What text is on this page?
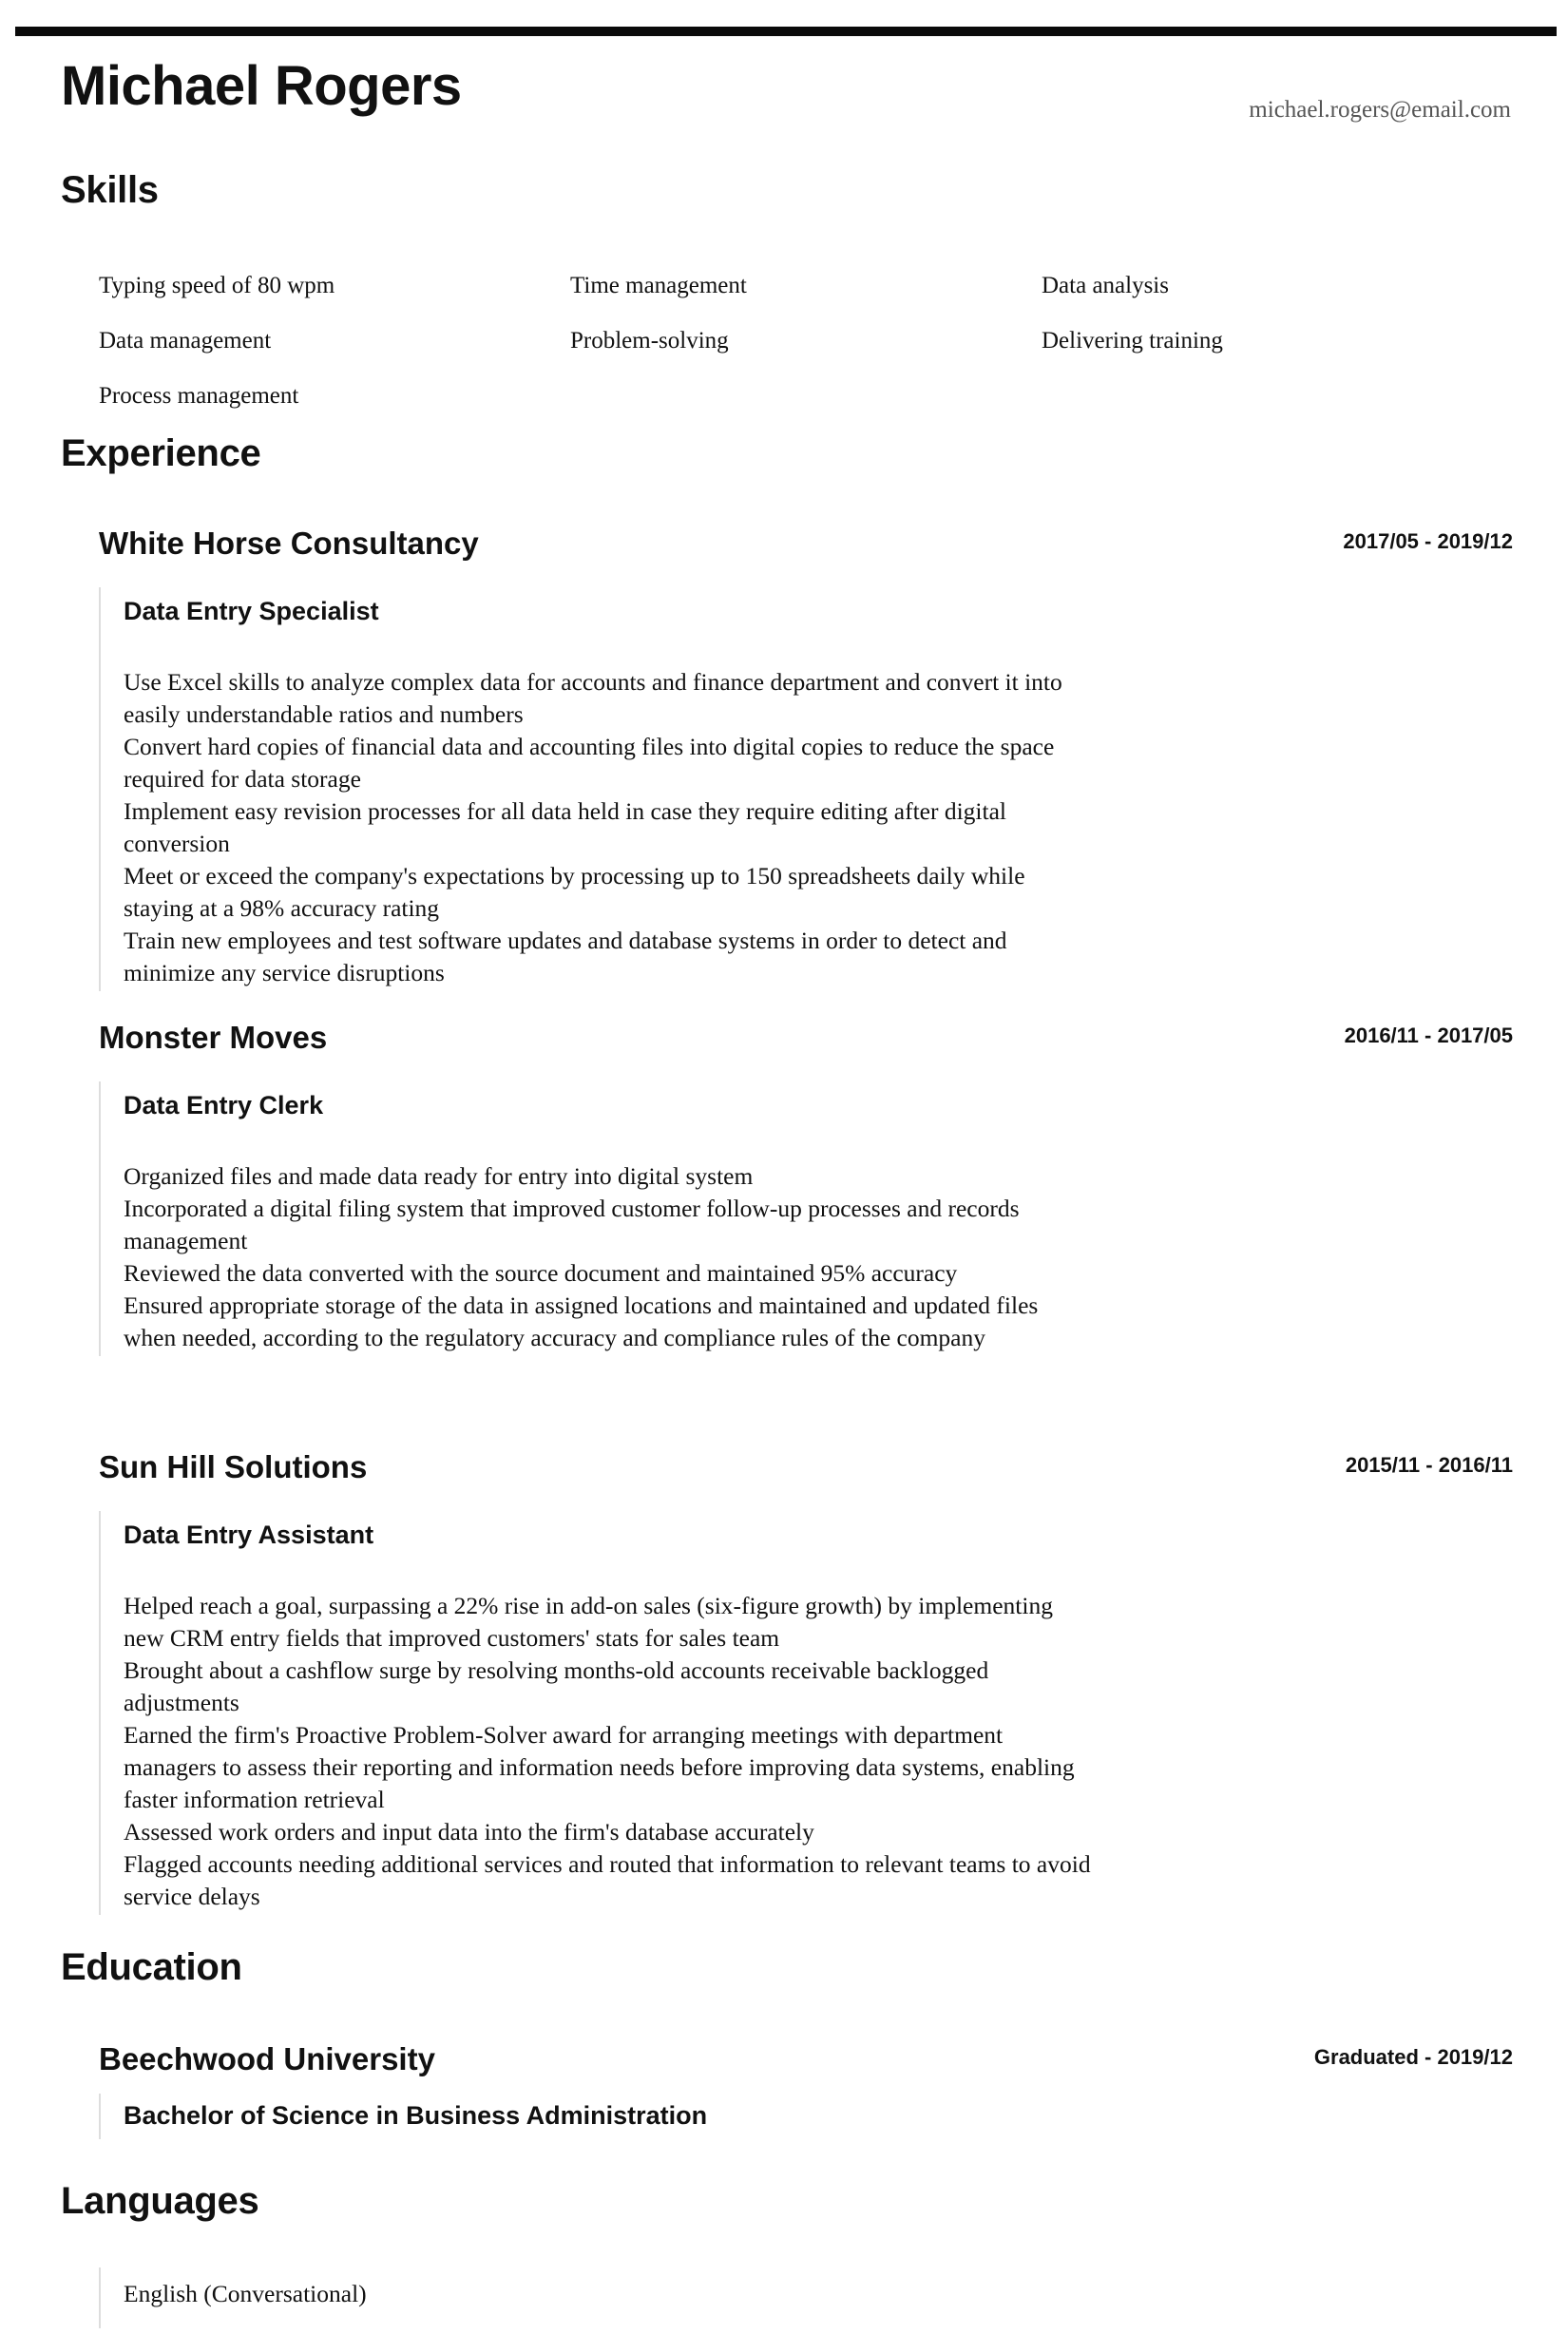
Michael Rogers	michael.rogers@email.com
Skills
Typing speed of 80 wpm	Time management	Data analysis
Data management	Problem-solving	Delivering training
Process management
Experience
White Horse Consultancy	2017/05 - 2019/12
Data Entry Specialist
Use Excel skills to analyze complex data for accounts and finance department and convert it into easily understandable ratios and numbers
Convert hard copies of financial data and accounting files into digital copies to reduce the space required for data storage
Implement easy revision processes for all data held in case they require editing after digital conversion
Meet or exceed the company's expectations by processing up to 150 spreadsheets daily while staying at a 98% accuracy rating
Train new employees and test software updates and database systems in order to detect and minimize any service disruptions
Monster Moves	2016/11 - 2017/05
Data Entry Clerk
Organized files and made data ready for entry into digital system
Incorporated a digital filing system that improved customer follow-up processes and records management
Reviewed the data converted with the source document and maintained 95% accuracy
Ensured appropriate storage of the data in assigned locations and maintained and updated files when needed, according to the regulatory accuracy and compliance rules of the company
Sun Hill Solutions	2015/11 - 2016/11
Data Entry Assistant
Helped reach a goal, surpassing a 22% rise in add-on sales (six-figure growth) by implementing new CRM entry fields that improved customers' stats for sales team
Brought about a cashflow surge by resolving months-old accounts receivable backlogged adjustments
Earned the firm's Proactive Problem-Solver award for arranging meetings with department managers to assess their reporting and information needs before improving data systems, enabling faster information retrieval
Assessed work orders and input data into the firm's database accurately
Flagged accounts needing additional services and routed that information to relevant teams to avoid service delays
Education
Beechwood University	Graduated - 2019/12
Bachelor of Science in Business Administration
Languages
English (Conversational)
